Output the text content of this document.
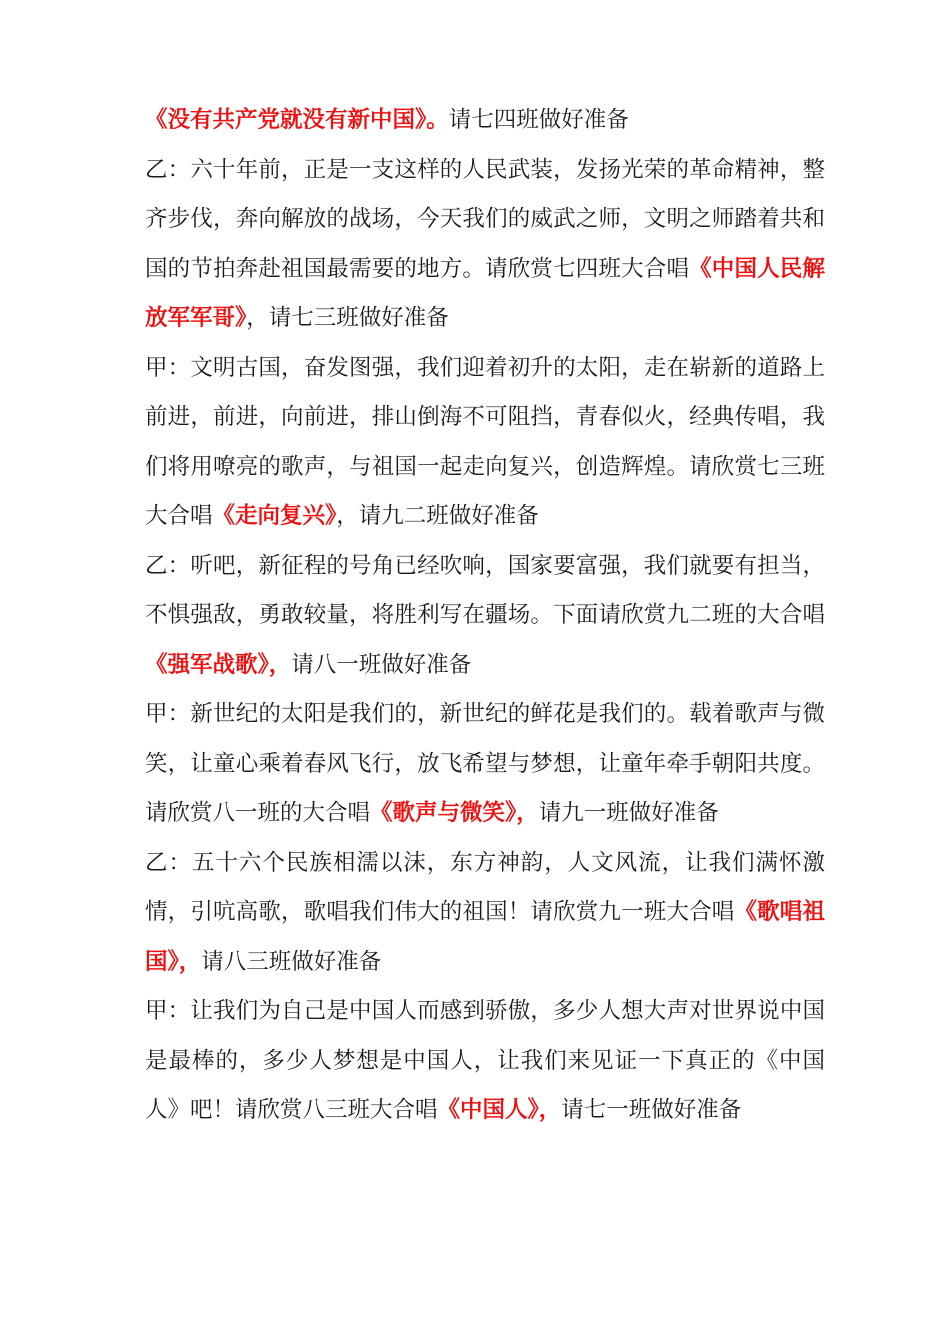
《没有共产党就没有新中国》。请七四班做好准备

乙：六十年前，正是一支这样的人民武装，发扬光荣的革命精神，整齐步伐，奔向解放的战场，今天我们的威武之师，文明之师踏着共和国的节拍奔赴祖国最需要的地方。请欣赏七四班大合唱《中国人民解放军军哥》，请七三班做好准备

甲：文明古国，奋发图强，我们迎着初升的太阳，走在崭新的道路上前进，前进，向前进，排山倒海不可阻挡，青春似火，经典传唱，我们将用嘹亮的歌声，与祖国一起走向复兴，创造辉煌。请欣赏七三班大合唱《走向复兴》，请九二班做好准备

乙：听吧，新征程的号角已经吹响，国家要富强，我们就要有担当，不惧强敌，勇敢较量，将胜利写在疆场。下面请欣赏九二班的大合唱《强军战歌》，请八一班做好准备

甲：新世纪的太阳是我们的，新世纪的鲜花是我们的。载着歌声与微笑，让童心乘着春风飞行，放飞希望与梦想，让童年牵手朝阳共度。请欣赏八一班的大合唱《歌声与微笑》，请九一班做好准备

乙：五十六个民族相濡以沫，东方神韵，人文风流，让我们满怀激情，引吭高歌，歌唱我们伟大的祖国！请欣赏九一班大合唱《歌唱祖国》，请八三班做好准备

甲：让我们为自己是中国人而感到骄傲，多少人想大声对世界说中国是最棒的，多少人梦想是中国人，让我们来见证一下真正的《中国人》吧！请欣赏八三班大合唱《中国人》，请七一班做好准备
